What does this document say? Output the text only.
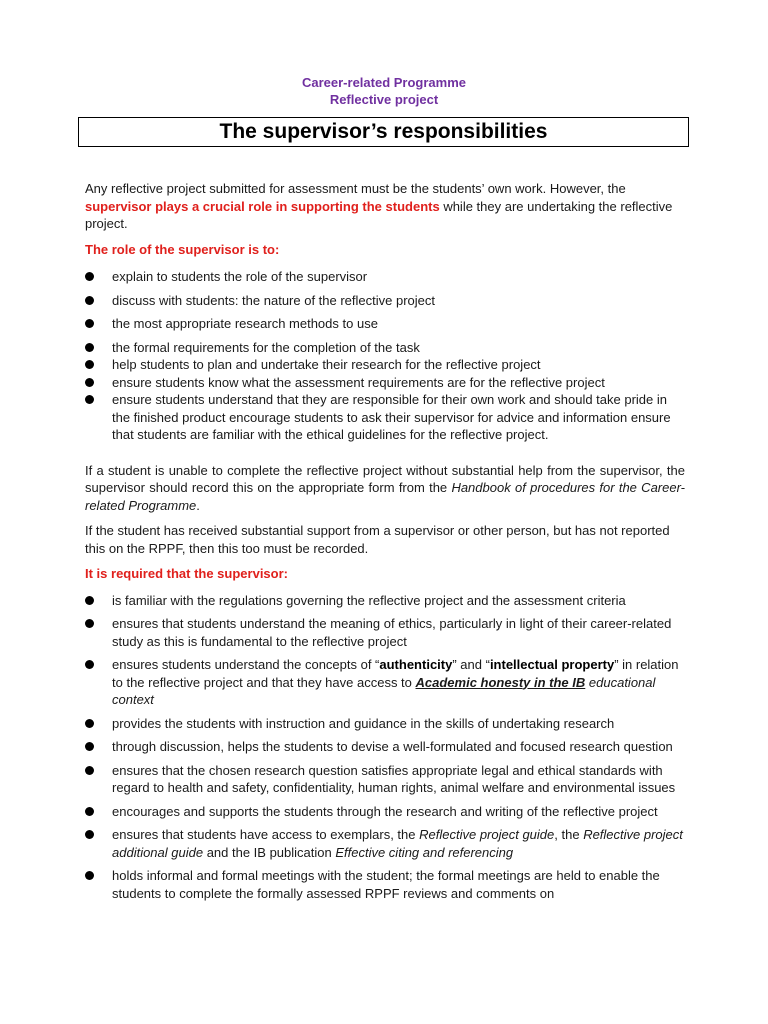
Career-related Programme
Reflective project
The supervisor’s responsibilities

Any reflective project submitted for assessment must be the students’ own work. However, the supervisor plays a crucial role in supporting the students while they are undertaking the reflective project.

The role of the supervisor is to:

explain to students the role of the supervisor
discuss with students: the nature of the reflective project
the most appropriate research methods to use
the formal requirements for the completion of the task
help students to plan and undertake their research for the reflective project
ensure students know what the assessment requirements are for the reflective project
ensure students understand that they are responsible for their own work and should take pride in the finished product encourage students to ask their supervisor for advice and information ensure that students are familiar with the ethical guidelines for the reflective project.

If a student is unable to complete the reflective project without substantial help from the supervisor, the supervisor should record this on the appropriate form from the Handbook of procedures for the Career-related Programme.

If the student has received substantial support from a supervisor or other person, but has not reported this on the RPPF, then this too must be recorded.

It is required that the supervisor:

is familiar with the regulations governing the reflective project and the assessment criteria
ensures that students understand the meaning of ethics, particularly in light of their career-related study as this is fundamental to the reflective project
ensures students understand the concepts of “authenticity” and “intellectual property” in relation to the reflective project and that they have access to Academic honesty in the IB educational context
provides the students with instruction and guidance in the skills of undertaking research
through discussion, helps the students to devise a well-formulated and focused research question
ensures that the chosen research question satisfies appropriate legal and ethical standards with regard to health and safety, confidentiality, human rights, animal welfare and environmental issues
encourages and supports the students through the research and writing of the reflective project
ensures that students have access to exemplars, the Reflective project guide, the Reflective project additional guide and the IB publication Effective citing and referencing
holds informal and formal meetings with the student; the formal meetings are held to enable the students to complete the formally assessed RPPF reviews and comments on
